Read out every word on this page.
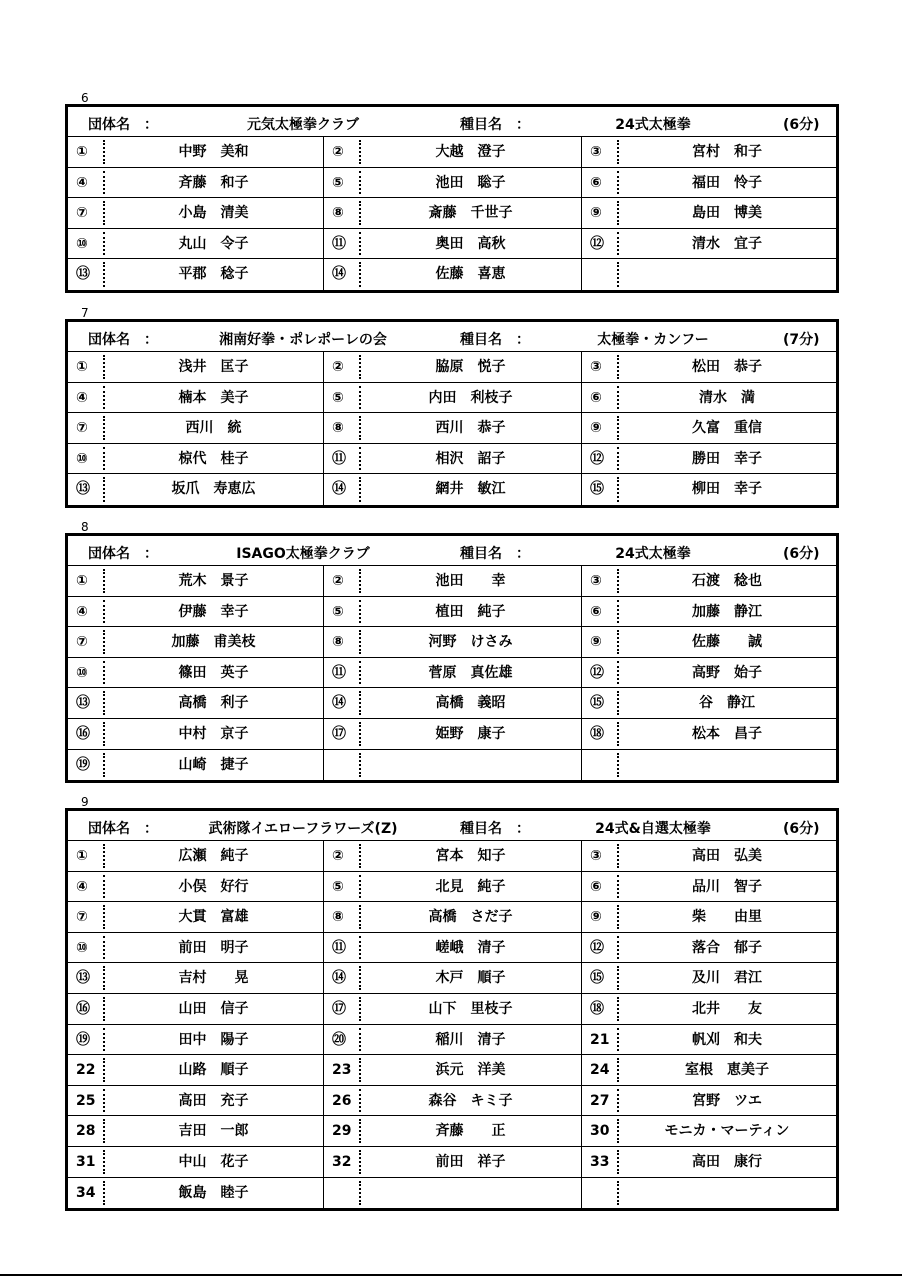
6
団体名　：	元気太極拳クラブ	種目名　：	24式太極拳	(6分)
①	中野　美和	②	大越　澄子	③	宮村　和子
④	斉藤　和子	⑤	池田　聡子	⑥	福田　怜子
⑦	小島　清美	⑧	斎藤　千世子	⑨	島田　博美
⑩	丸山　令子	⑪	奥田　高秋	⑫	清水　宜子
⑬	平郡　稔子	⑭	佐藤　喜恵
7
団体名　：	湘南好拳・ポレポーレの会	種目名　：	太極拳・カンフー	(7分)
①	浅井　匡子	②	脇原　悦子	③	松田　恭子
④	楠本　美子	⑤	内田　利枝子	⑥	清水　満
⑦	西川　統	⑧	西川　恭子	⑨	久富　重信
⑩	椋代　桂子	⑪	相沢　詔子	⑫	勝田　幸子
⑬	坂爪　寿恵広	⑭	網井　敏江	⑮	柳田　幸子
8
団体名　：	ISAGO太極拳クラブ	種目名　：	24式太極拳	(6分)
①	荒木　景子	②	池田　　幸	③	石渡　稔也
④	伊藤　幸子	⑤	植田　純子	⑥	加藤　静江
⑦	加藤　甫美枝	⑧	河野　けさみ	⑨	佐藤　　誠
⑩	篠田　英子	⑪	菅原　真佐雄	⑫	高野　始子
⑬	高橋　利子	⑭	高橋　義昭	⑮	谷　静江
⑯	中村　京子	⑰	姫野　康子	⑱	松本　昌子
⑲	山崎　捷子
9
団体名　：	武術隊イエローフラワーズ(Z)	種目名　：	24式&自選太極拳	(6分)
①	広瀬　純子	②	宮本　知子	③	高田　弘美
④	小俣　好行	⑤	北見　純子	⑥	品川　智子
⑦	大貫　富雄	⑧	高橋　さだ子	⑨	柴　　由里
⑩	前田　明子	⑪	嵯峨　清子	⑫	落合　郁子
⑬	吉村　　晃	⑭	木戸　順子	⑮	及川　君江
⑯	山田　信子	⑰	山下　里枝子	⑱	北井　　友
⑲	田中　陽子	⑳	稲川　清子	21	帆刈　和夫
22	山路　順子	23	浜元　洋美	24	室根　恵美子
25	高田　充子	26	森谷　キミ子	27	宮野　ツエ
28	吉田　一郎	29	斉藤　　正	30	モニカ・マーティン
31	中山　花子	32	前田　祥子	33	高田　康行
34	飯島　睦子
